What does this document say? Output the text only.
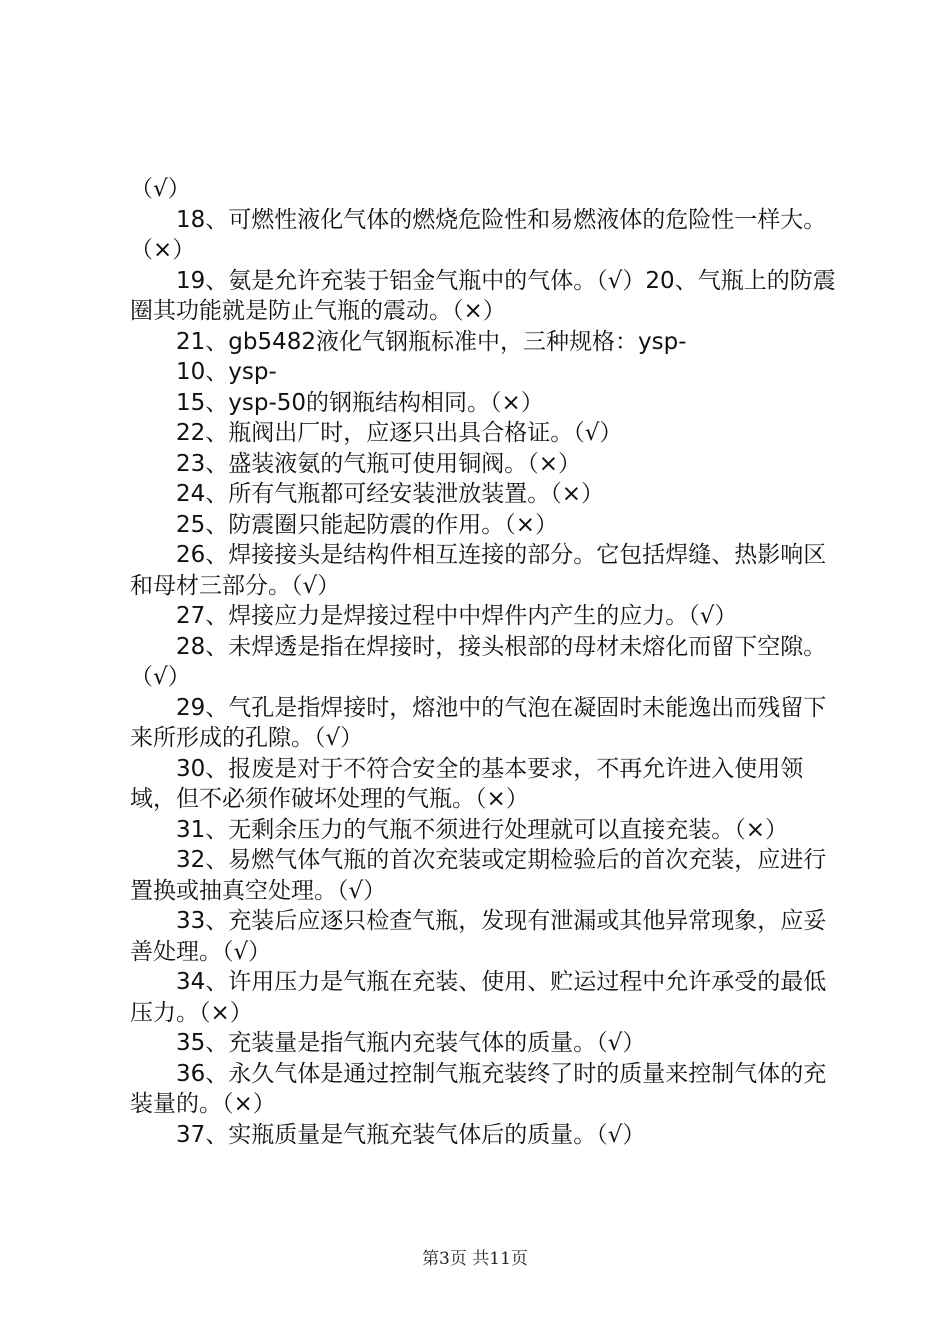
（√）

18、可燃性液化气体的燃烧危险性和易燃液体的危险性一样大。（×）

19、氨是允许充装于铝金气瓶中的气体。（√）20、气瓶上的防震圈其功能就是防止气瓶的震动。（×）

21、gb5482液化气钢瓶标准中，三种规格：ysp-

10、ysp-

15、ysp-50的钢瓶结构相同。（×）

22、瓶阀出厂时，应逐只出具合格证。（√）

23、盛装液氨的气瓶可使用铜阀。（×）

24、所有气瓶都可经安装泄放装置。（×）

25、防震圈只能起防震的作用。（×）

26、焊接接头是结构件相互连接的部分。它包括焊缝、热影响区和母材三部分。（√）

27、焊接应力是焊接过程中中焊件内产生的应力。（√）

28、未焊透是指在焊接时，接头根部的母材未熔化而留下空隙。（√）

29、气孔是指焊接时，熔池中的气泡在凝固时未能逸出而残留下来所形成的孔隙。（√）

30、报废是对于不符合安全的基本要求，不再允许进入使用领域，但不必须作破坏处理的气瓶。（×）

31、无剩余压力的气瓶不须进行处理就可以直接充装。（×）

32、易燃气体气瓶的首次充装或定期检验后的首次充装，应进行置换或抽真空处理。（√）

33、充装后应逐只检查气瓶，发现有泄漏或其他异常现象，应妥善处理。（√）

34、许用压力是气瓶在充装、使用、贮运过程中允许承受的最低压力。（×）

35、充装量是指气瓶内充装气体的质量。（√）

36、永久气体是通过控制气瓶充装终了时的质量来控制气体的充装量的。（×）

37、实瓶质量是气瓶充装气体后的质量。（√）

第3页 共11页
